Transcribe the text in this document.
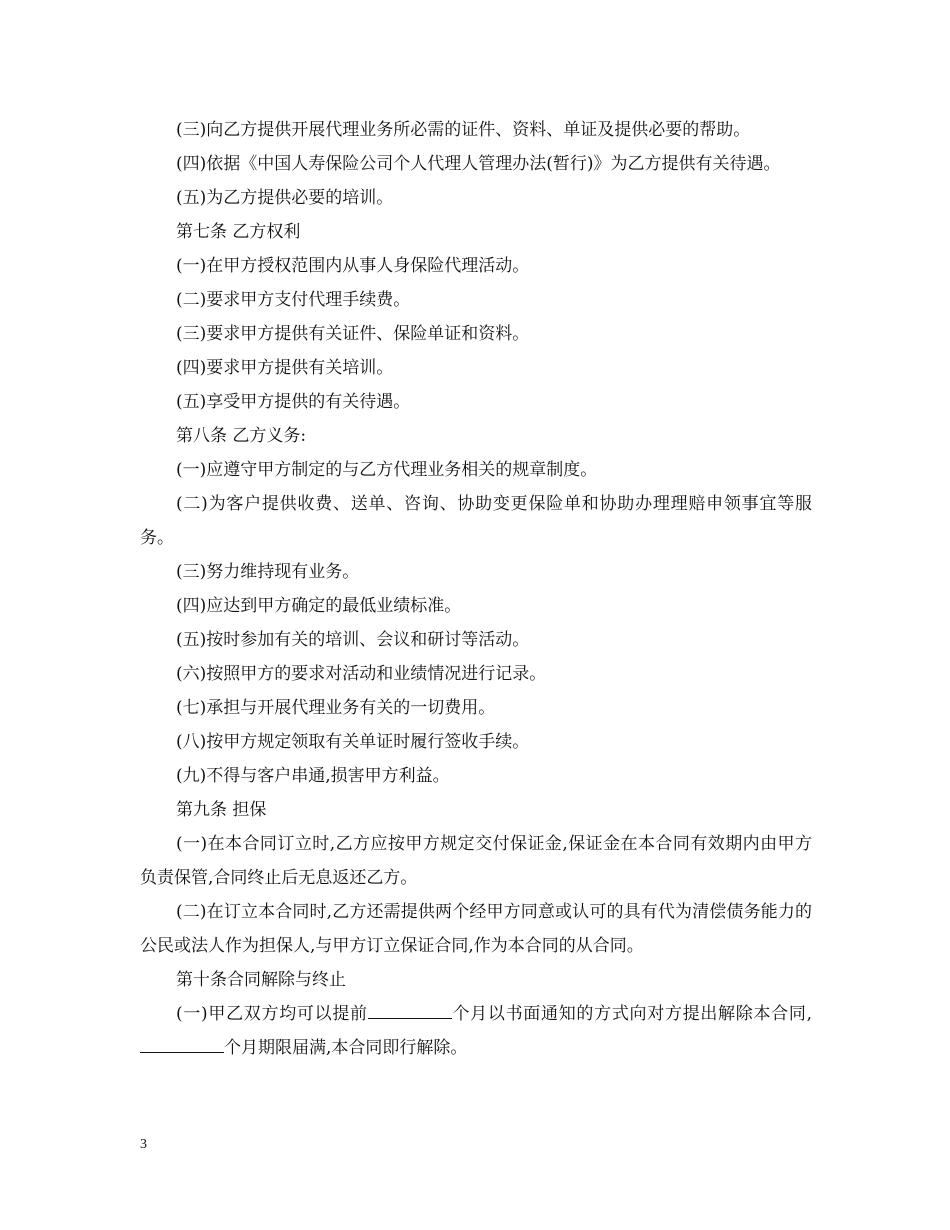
(三)向乙方提供开展代理业务所必需的证件、资料、单证及提供必要的帮助。

(四)依据《中国人寿保险公司个人代理人管理办法(暂行)》为乙方提供有关待遇。

(五)为乙方提供必要的培训。

第七条 乙方权利

(一)在甲方授权范围内从事人身保险代理活动。

(二)要求甲方支付代理手续费。

(三)要求甲方提供有关证件、保险单证和资料。

(四)要求甲方提供有关培训。

(五)享受甲方提供的有关待遇。

第八条 乙方义务:

(一)应遵守甲方制定的与乙方代理业务相关的规章制度。

(二)为客户提供收费、送单、咨询、协助变更保险单和协助办理理赔申领事宜等服务。

(三)努力维持现有业务。

(四)应达到甲方确定的最低业绩标准。

(五)按时参加有关的培训、会议和研讨等活动。

(六)按照甲方的要求对活动和业绩情况进行记录。

(七)承担与开展代理业务有关的一切费用。

(八)按甲方规定领取有关单证时履行签收手续。

(九)不得与客户串通,损害甲方利益。

第九条 担保

(一)在本合同订立时,乙方应按甲方规定交付保证金,保证金在本合同有效期内由甲方负责保管,合同终止后无息返还乙方。

(二)在订立本合同时,乙方还需提供两个经甲方同意或认可的具有代为清偿债务能力的公民或法人作为担保人,与甲方订立保证合同,作为本合同的从合同。

第十条合同解除与终止

(一)甲乙双方均可以提前	个月以书面通知的方式向对方提出解除本合同,个月期限届满,本合同即行解除。

3
